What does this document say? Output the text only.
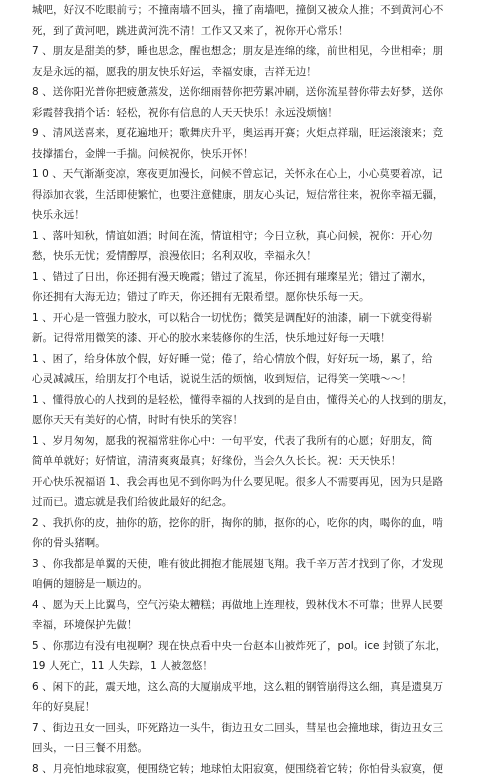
城吧，好汉不吃眼前亏；不撞南墙不回头，撞了南墙吧，撞倒又被众人推；不到黄河心不
死，到了黄河吧，跳进黄河洗不清！工作又又来了，祝你开心常乐！
7 、朋友是甜美的梦，睡也思念，醒也想念；朋友是连绵的缘，前世相见，今世相牵；朋
友是永远的福，愿我的朋友快乐好运，幸福安康，吉祥无边！
8 、送你阳光普你把疲惫蒸发，送你细雨替你把劳累冲刷，送你流星替你带去好梦，送你
彩霞替我捎个话：轻松，祝你有信息的人天天快乐！永远没烦恼！
9 、清风送喜来，夏花遍地开；歌舞庆升平，奥运再开赛；火炬点祥瑞，旺运滚滚来；竞
技撑擂台，金牌一手揣。问候祝你，快乐开怀！
1 0 、天气渐渐变凉，寒夜更加漫长，问候不曾忘记，关怀永在心上，小心莫要着凉，记
得添加衣裳，生活即使繁忙，也要注意健康，朋友心头记，短信常往来，祝你幸福无疆，
快乐永远！
1 、落叶知秋，情谊如酒；时间在流，情谊相守；今日立秋，真心问候，祝你：开心勿
愁，快乐无忧；爱情醇厚，浪漫依旧；名利双收，幸福永久！
1 、错过了日出，你还拥有漫天晚霞；错过了流星，你还拥有璀璨星光；错过了潮水，
你还拥有大海无边；错过了昨天，你还拥有无限希望。愿你快乐每一天。
1 、开心是一管强力胶水，可以粘合一切忧伤；微笑是调配好的油漆，刷一下就变得崭
新。记得常用微笑的漆、开心的胶水来装修你的生活，快乐地过好每一天哦！
1 、困了，给身体放个假，好好睡一觉；倦了，给心情放个假，好好玩一场，累了，给
心灵减减压，给朋友打个电话，说说生活的烦恼，收到短信，记得笑一笑哦～～！
1 、懂得放心的人找到的是轻松，懂得幸福的人找到的是自由，懂得关心的人找到的朋友，
愿你天天有美好的心情，时时有快乐的笑容！
1 、岁月匆匆，愿我的祝福常驻你心中：一句平安，代表了我所有的心愿；好朋友，简
简单单就好；好情谊，清清爽爽最真；好缘份，当会久久长长。祝：天天快乐！
开心快乐祝福语 1、我会再也见不到你吗为什么要见呢。很多人不需要再见，因为只是路
过而已。遗忘就是我们给彼此最好的纪念。
2 、我扒你的皮，抽你的筋，挖你的肝，掏你的肺，抠你的心，吃你的肉，喝你的血，啃
你的骨头猪啊。
3 、你我都是单翼的天使，唯有彼此拥抱才能展翅飞翔。我千辛万苦才找到了你，才发现
咱俩的翅膀是一顺边的。
4 、愿为天上比翼鸟，空气污染太糟糕；再做地上连理枝，毁林伐木不可靠；世界人民要
幸福，环境保护先做！
5 、你那边有没有电视啊？现在快点看中央一台赵本山被炸死了，pol。ice 封锁了东北，
19 人死亡，11 人失踪，1 人被忽悠！
6 、闲下的茈，震天地，这么高的大厦崩成平地，这么粗的钢管崩得这么细，真是遗臭万
年的好臭屁！
7 、街边丑女一回头，吓死路边一头牛，街边丑女二回头，彗星也会撞地球，街边丑女三
回头，一日三餐不用愁。
8 、月亮怕地球寂寞，便围绕它转；地球怕太阳寂寞，便围绕着它转；你怕骨头寂寞，便
